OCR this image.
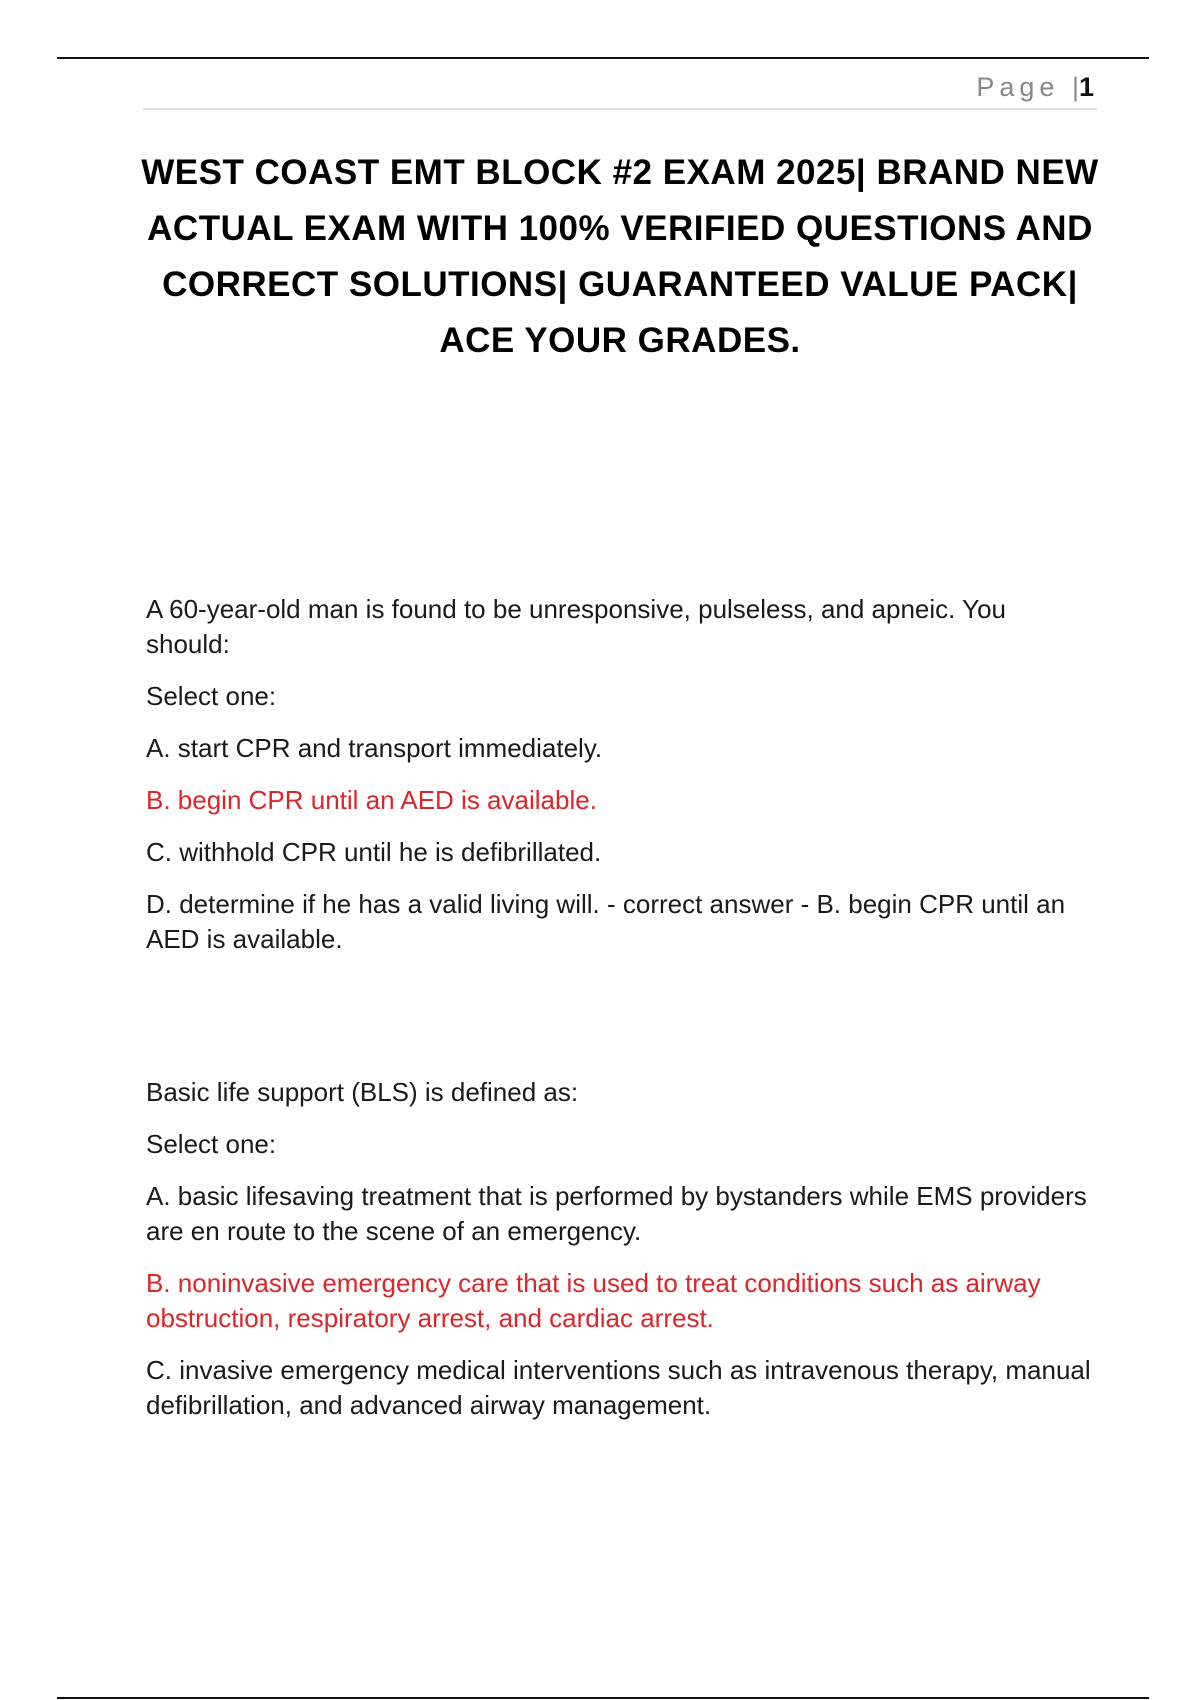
Page |1
WEST COAST EMT BLOCK #2 EXAM 2025| BRAND NEW ACTUAL EXAM WITH 100% VERIFIED QUESTIONS AND CORRECT SOLUTIONS| GUARANTEED VALUE PACK| ACE YOUR GRADES.

A 60-year-old man is found to be unresponsive, pulseless, and apneic. You should:

Select one:

A. start CPR and transport immediately.

B. begin CPR until an AED is available.

C. withhold CPR until he is defibrillated.

D. determine if he has a valid living will. - correct answer - B. begin CPR until an AED is available.

Basic life support (BLS) is defined as:

Select one:

A. basic lifesaving treatment that is performed by bystanders while EMS providers are en route to the scene of an emergency.

B. noninvasive emergency care that is used to treat conditions such as airway obstruction, respiratory arrest, and cardiac arrest.

C. invasive emergency medical interventions such as intravenous therapy, manual defibrillation, and advanced airway management.
